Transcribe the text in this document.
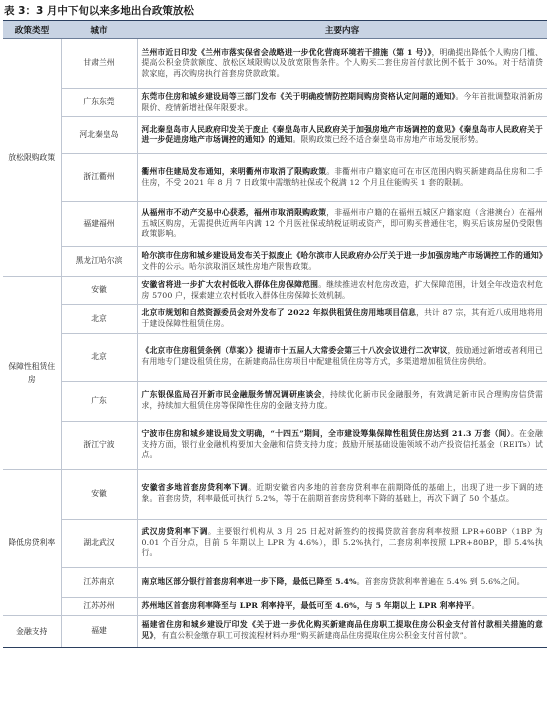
表 3：3 月中下旬以来多地出台政策放松
政策类型	城市	主要内容
放松限购政策	甘肃兰州	兰州市近日印发《兰州市落实保省会战略进一步优化营商环境若干措施（第 1 号）》，明确提出降低个人购房门槛、提高公积金贷款额度、放松区域限购以及放宽限售条件。个人购买二套住房首付款比例不低于 30%。对于结清贷款家庭，再次购房执行首套房贷款政策。
	广东东莞	东莞市住房和城乡建设局等三部门发布《关于明确疫情防控期间购房资格认定问题的通知》。今年首批调整取消新房限价、疫情新增社保年限要求。
	河北秦皇岛	河北秦皇岛市人民政府印发关于废止《秦皇岛市人民政府关于加强房地产市场调控的意见》《秦皇岛市人民政府关于进一步促进房地产市场调控的通知》的通知。限购政策已经不适合秦皇岛市房地产市场发展形势。
	浙江衢州	衢州市住建局发布通知，来明衢州市取消了限购政策。非衢州市户籍家庭可在市区范围内购买新建商品住房和二手住房，不受 2021 年 8 月 7 日政策中需缴纳社保或个税满 12 个月且住能购买 1 套的限制。
	福建福州	从福州市不动产交易中心获悉，福州市取消限购政策，非福州市户籍的在福州五城区户籍家庭（含港澳台）在福州五城区购房，无需提供近两年内满 12 个月医社保或纳税证明或资产，即可购买普通住宅，购买后该房屋仍受限售政策影响。
	黑龙江哈尔滨	哈尔滨市住房和城乡建设局发布关于拟废止《哈尔滨市人民政府办公厅关于进一步加强房地产市场调控工作的通知》文件的公示。哈尔滨取消区域性房地产限售政策。
保障性租赁住房	安徽	安徽省将进一步扩大农村低收入群体住房保障范围。继续推进农村危房改造，扩大保障范围，计划全年改造农村危房 5700 户，探索建立农村低收入群体住房保障长效机制。
	北京	北京市规划和自然资源委员会对外发布了 2022 年拟供租赁住房用地项目信息，共计 87 宗，其有近八成用地将用于建设保障性租赁住房。
	北京	《北京市住房租赁条例（草案）》提请市十五届人大常委会第三十八次会议进行二次审议，鼓励通过新增或者利用已有用地专门建设租赁住房，在新建商品住房项目中配建租赁住房等方式，多渠道增加租赁住房供给。
	广东	广东银保监局召开新市民金融服务情况调研座谈会，持续优化新市民金融服务，有效满足新市民合理购房信贷需求，持续加大租赁住房等保障性住房的金融支持力度。
	浙江宁波	宁波市住房和城乡建设局发文明确，“十四五”期间，全市建设筹集保障性租赁住房达到 21.3 万套（间）。在金融支持方面，银行业金融机构要加大金融和信贷支持力度；鼓励开展基础设施领域不动产投资信托基金（REITs）试点。
降低房贷利率	安徽	安徽省多地首套房贷利率下调。近期安徽省内多地的首套房贷利率在前期降低的基础上，出现了进一步下调的迹象。首套房贷，利率最低可执行 5.2%，等于在前期首套房贷利率下降的基础上，再次下调了 50 个基点。
	湖北武汉	武汉房贷利率下调。主要银行机构从 3 月 25 日起对新签约的按揭贷款首套房利率按照 LPR+60BP（1BP 为 0.01 个百分点，目前 5 年期以上 LPR 为 4.6%），即 5.2%执行，二套房利率按照 LPR+80BP，即 5.4%执行。
	江苏南京	南京地区部分银行首套房利率进一步下降，最低已降至 5.4%。首套房贷款利率普遍在 5.4% 到 5.6%之间。
	江苏苏州	苏州地区首套房利率降至与 LPR 利率持平，最低可至 4.6%，与 5 年期以上 LPR 利率持平。
金融支持	福建	福建省住房和城乡建设厅印发《关于进一步优化购买新建商品住房职工提取住房公积金支付首付款相关措施的意见》，有直公积金缴存职工可按流程材料办理“购买新建商品住房提取住房公积金支付首付款”。
